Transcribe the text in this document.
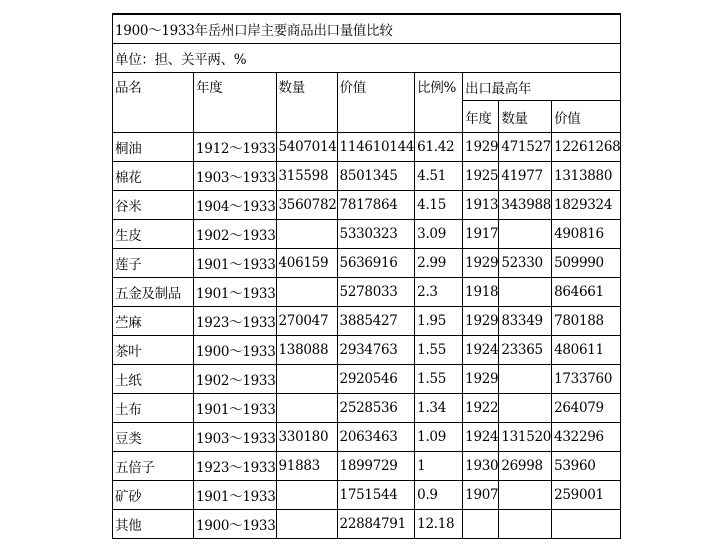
1900～1933年岳州口岸主要商品出口量值比较							
单位：担、关平两、%							
品名	年度	数量	价值	比例%	出口最高年		
					年度	数量	价值
桐油	1912～1933	5407014	114610144	61.42	1929	471527	12261268
棉花	1903～1933	315598	8501345	4.51	1925	41977	1313880
谷米	1904～1933	3560782	7817864	4.15	1913	343988	1829324
生皮	1902～1933		5330323	3.09	1917		490816
莲子	1901～1933	406159	5636916	2.99	1929	52330	509990
五金及制品	1901～1933		5278033	2.3	1918		864661
苎麻	1923～1933	270047	3885427	1.95	1929	83349	780188
茶叶	1900～1933	138088	2934763	1.55	1924	23365	480611
土纸	1902～1933		2920546	1.55	1929		1733760
土布	1901～1933		2528536	1.34	1922		264079
豆类	1903～1933	330180	2063463	1.09	1924	131520	432296
五倍子	1923～1933	91883	1899729	1	1930	26998	53960
矿砂	1901～1933		1751544	0.9	1907		259001
其他	1900～1933		22884791	12.18			
